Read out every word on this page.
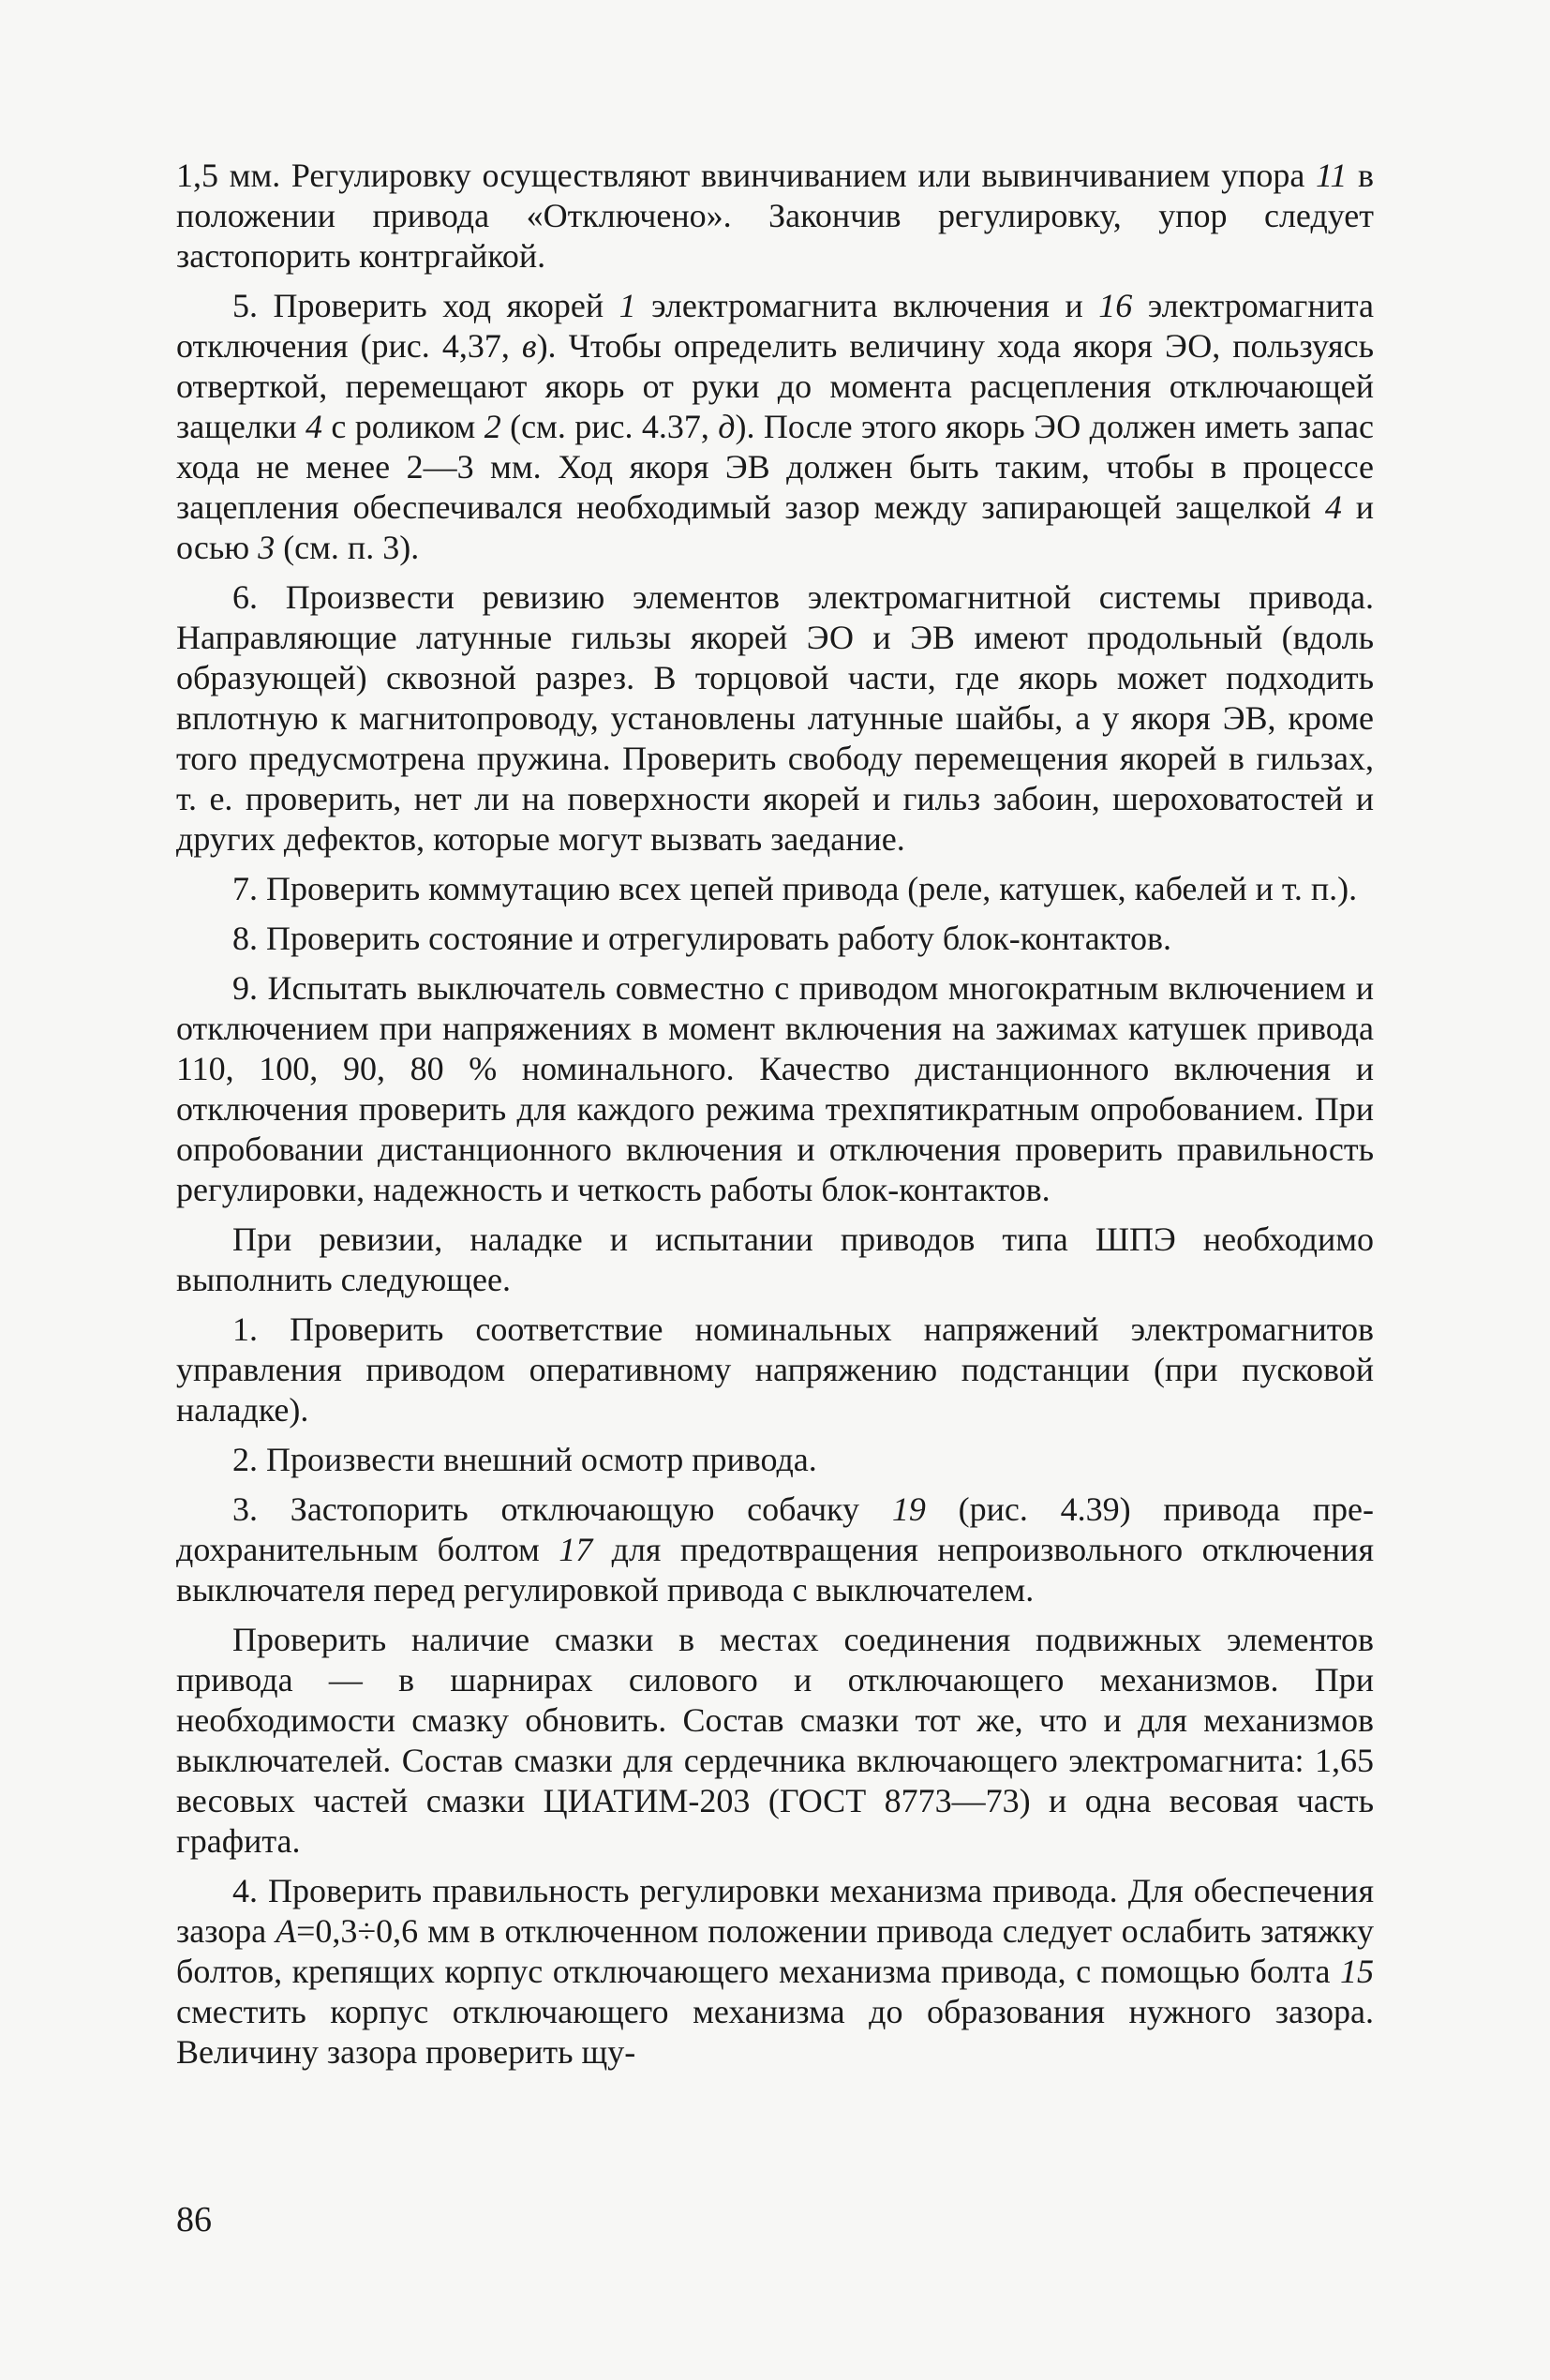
1,5 мм. Регулировку осуществляют ввинчиванием или вывинчиванием упора 11 в положении привода «Отключено». Закончив регулировку, упор следует застопорить контргайкой.

5. Проверить ход якорей 1 электромагнита включения и 16 электромагнита отключения (рис. 4,37, в). Чтобы определить величину хода якоря ЭО, пользуясь отверткой, перемещают якорь от руки до момента расцепления отключающей защелки 4 с роликом 2 (см. рис. 4.37, д). После этого якорь ЭО должен иметь запас хода не менее 2—3 мм. Ход якоря ЭВ должен быть таким, чтобы в процессе зацепления обеспечивался необходимый зазор между запирающей защелкой 4 и осью 3 (см. п. 3).

6. Произвести ревизию элементов электромагнитной системы привода. Направляющие латунные гильзы якорей ЭО и ЭВ имеют продольный (вдоль образующей) сквозной разрез. В торцовой части, где якорь может подходить вплотную к магнитопроводу, установлены латунные шайбы, а у якоря ЭВ, кроме того предусмотрена пружина. Проверить свободу перемещения якорей в гильзах, т. е. проверить, нет ли на поверхности якорей и гильз забоин, шероховатостей и других дефектов, которые могут вызвать заедание.

7. Проверить коммутацию всех цепей привода (реле, катушек, кабелей и т. п.).

8. Проверить состояние и отрегулировать работу блок-контактов.

9. Испытать выключатель совместно с приводом многократным включением и отключением при напряжениях в момент включения на зажимах катушек привода 110, 100, 90, 80 % номинального. Качество дистанционного включения и отключения проверить для каждого режима трехпятикратным опробованием. При опробовании дистанционного включения и отключения проверить правильность регулировки, надежность и четкость работы блок-контактов.

При ревизии, наладке и испытании приводов типа ШПЭ необходимо выполнить следующее.

1. Проверить соответствие номинальных напряжений электромагнитов управления приводом оперативному напряжению подстанции (при пусковой наладке).

2. Произвести внешний осмотр привода.

3. Застопорить отключающую собачку 19 (рис. 4.39) привода предохранительным болтом 17 для предотвращения непроизвольного отключения выключателя перед регулировкой привода с выключателем.

Проверить наличие смазки в местах соединения подвижных элементов привода — в шарнирах силового и отключающего механизмов. При необходимости смазку обновить. Состав смазки тот же, что и для механизмов выключателей. Состав смазки для сердечника включающего электромагнита: 1,65 весовых частей смазки ЦИАТИМ-203 (ГОСТ 8773—73) и одна весовая часть графита.

4. Проверить правильность регулировки механизма привода. Для обеспечения зазора А=0,3÷0,6 мм в отключенном положении привода следует ослабить затяжку болтов, крепящих корпус отключающего механизма привода, с помощью болта 15 сместить корпус отключающего механизма до образования нужного зазора. Величину зазора проверить щу-

86
